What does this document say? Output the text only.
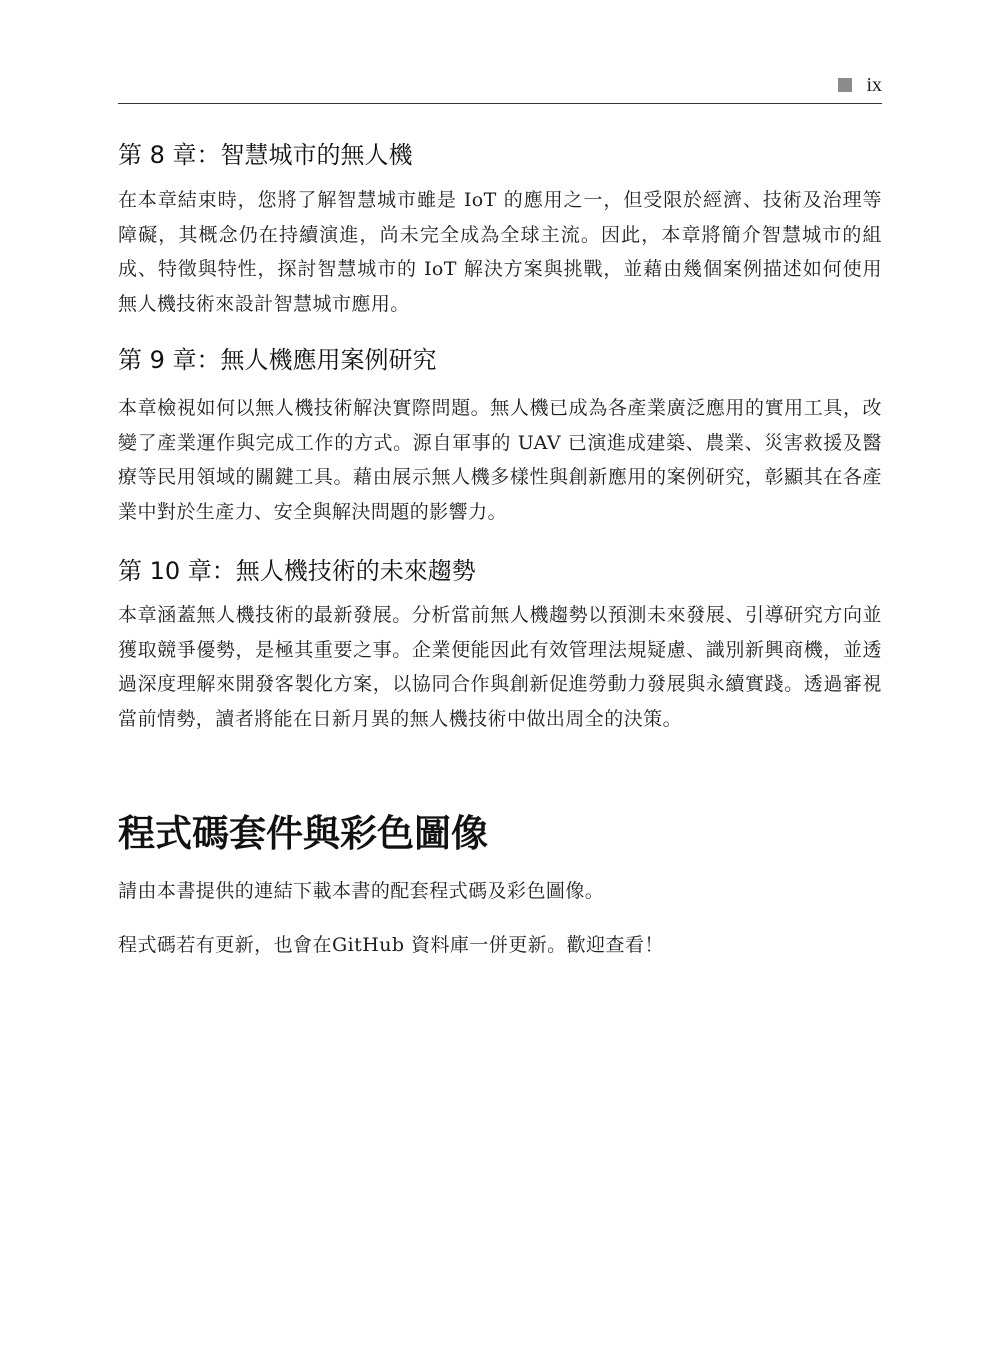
ix
第 8 章：智慧城市的無人機

在本章結束時，您將了解智慧城市雖是 IoT 的應用之一，但受限於經濟、技術及治理等障礙，其概念仍在持續演進，尚未完全成為全球主流。因此，本章將簡介智慧城市的組成、特徵與特性，探討智慧城市的 IoT 解決方案與挑戰，並藉由幾個案例描述如何使用無人機技術來設計智慧城市應用。

第 9 章：無人機應用案例研究

本章檢視如何以無人機技術解決實際問題。無人機已成為各產業廣泛應用的實用工具，改變了產業運作與完成工作的方式。源自軍事的 UAV 已演進成建築、農業、災害救援及醫療等民用領域的關鍵工具。藉由展示無人機多樣性與創新應用的案例研究，彰顯其在各產業中對於生產力、安全與解決問題的影響力。

第 10 章：無人機技術的未來趨勢

本章涵蓋無人機技術的最新發展。分析當前無人機趨勢以預測未來發展、引導研究方向並獲取競爭優勢，是極其重要之事。企業便能因此有效管理法規疑慮、識別新興商機，並透過深度理解來開發客製化方案，以協同合作與創新促進勞動力發展與永續實踐。透過審視當前情勢，讀者將能在日新月異的無人機技術中做出周全的決策。

程式碼套件與彩色圖像

請由本書提供的連結下載本書的配套程式碼及彩色圖像。

程式碼若有更新，也會在GitHub 資料庫一併更新。歡迎查看！
